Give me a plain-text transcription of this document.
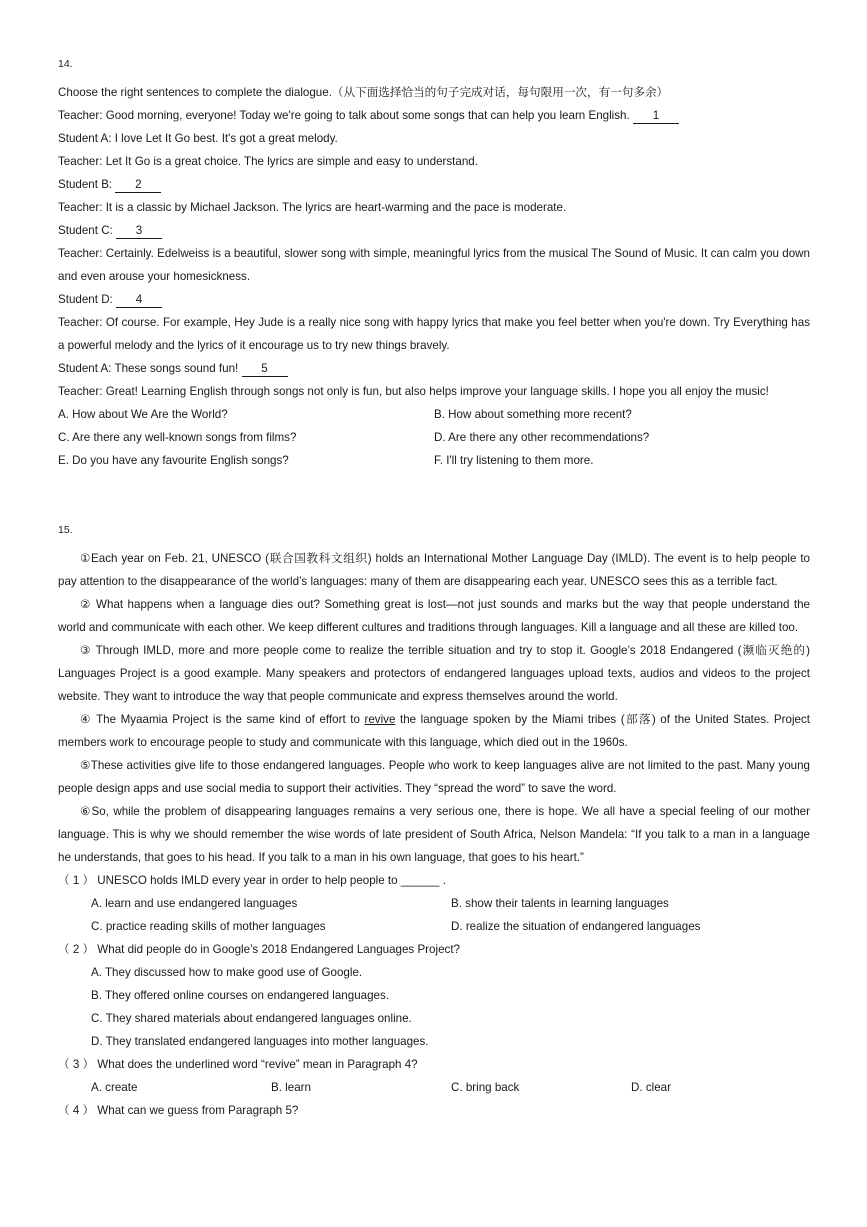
14.
Choose the right sentences to complete the dialogue.（从下面选择恰当的句子完成对话，每句限用一次，有一句多余）
Teacher: Good morning, everyone! Today we're going to talk about some songs that can help you learn English. 1
Student A: I love Let It Go best. It's got a great melody.
Teacher: Let It Go is a great choice. The lyrics are simple and easy to understand.
Student B: 2
Teacher: It is a classic by Michael Jackson. The lyrics are heart-warming and the pace is moderate.
Student C: 3
Teacher: Certainly. Edelweiss is a beautiful, slower song with simple, meaningful lyrics from the musical The Sound of Music. It can calm you down and even arouse your homesickness.
Student D: 4
Teacher: Of course. For example, Hey Jude is a really nice song with happy lyrics that make you feel better when you're down. Try Everything has a powerful melody and the lyrics of it encourage us to try new things bravely.
Student A: These songs sound fun! 5
Teacher: Great! Learning English through songs not only is fun, but also helps improve your language skills. I hope you all enjoy the music!
A. How about We Are the World?	B. How about something more recent?
C. Are there any well-known songs from films?	D. Are there any other recommendations?
E. Do you have any favourite English songs?	F. I'll try listening to them more.
15.
①Each year on Feb. 21, UNESCO (联合国教科文组织) holds an International Mother Language Day (IMLD). The event is to help people to pay attention to the disappearance of the world’s languages: many of them are disappearing each year. UNESCO sees this as a terrible fact.
② What happens when a language dies out? Something great is lost—not just sounds and marks but the way that people understand the world and communicate with each other. We keep different cultures and traditions through languages. Kill a language and all these are killed too.
③ Through IMLD, more and more people come to realize the terrible situation and try to stop it. Google’s 2018 Endangered (濒临灭绝的) Languages Project is a good example. Many speakers and protectors of endangered languages upload texts, audios and videos to the project website. They want to introduce the way that people communicate and express themselves around the world.
④ The Myaamia Project is the same kind of effort to revive the language spoken by the Miami tribes (部落) of the United States. Project members work to encourage people to study and communicate with this language, which died out in the 1960s.
⑤These activities give life to those endangered languages. People who work to keep languages alive are not limited to the past. Many young people design apps and use social media to support their activities. They “spread the word” to save the word.
⑥So, while the problem of disappearing languages remains a very serious one, there is hope. We all have a special feeling of our mother language. This is why we should remember the wise words of late president of South Africa, Nelson Mandela: “If you talk to a man in a language he understands, that goes to his head. If you talk to a man in his own language, that goes to his heart.”
（ 1 ） UNESCO holds IMLD every year in order to help people to ______ .
A. learn and use endangered languages	B. show their talents in learning languages
C. practice reading skills of mother languages	D. realize the situation of endangered languages
（ 2 ） What did people do in Google’s 2018 Endangered Languages Project?
A. They discussed how to make good use of Google.
B. They offered online courses on endangered languages.
C. They shared materials about endangered languages online.
D. They translated endangered languages into mother languages.
（ 3 ） What does the underlined word “revive” mean in Paragraph 4?
A. create	B. learn	C. bring back	D. clear
（ 4 ） What can we guess from Paragraph 5?
